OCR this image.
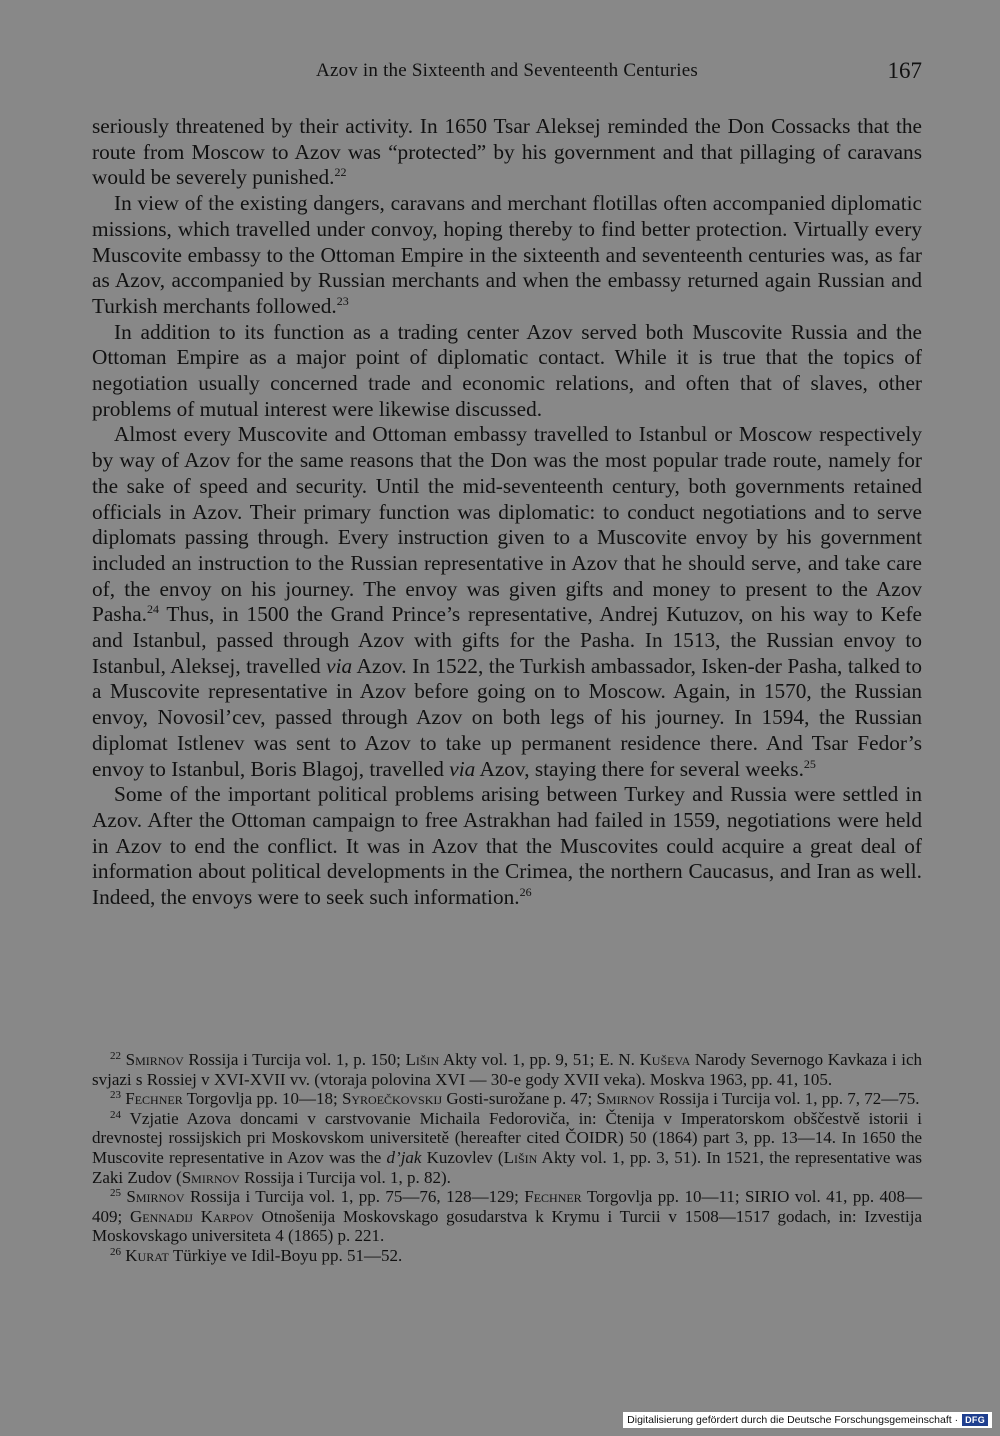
Azov in the Sixteenth and Seventeenth Centuries	167

seriously threatened by their activity. In 1650 Tsar Aleksej reminded the Don Cossacks that the route from Moscow to Azov was “protected” by his government and that pillaging of caravans would be severely punished.$^{22}$

In view of the existing dangers, caravans and merchant flotillas often accompanied diplomatic missions, which travelled under convoy, hoping thereby to find better protection. Virtually every Muscovite embassy to the Ottoman Empire in the sixteenth and seventeenth centuries was, as far as Azov, accompanied by Russian merchants and when the embassy returned again Russian and Turkish merchants followed.$^{23}$

In addition to its function as a trading center Azov served both Muscovite Russia and the Ottoman Empire as a major point of diplomatic contact. While it is true that the topics of negotiation usually concerned trade and economic relations, and often that of slaves, other problems of mutual interest were likewise discussed.

Almost every Muscovite and Ottoman embassy travelled to Istanbul or Moscow respectively by way of Azov for the same reasons that the Don was the most popular trade route, namely for the sake of speed and security. Until the mid-seventeenth century, both governments retained officials in Azov. Their primary function was diplomatic: to conduct negotiations and to serve diplomats passing through. Every instruction given to a Muscovite envoy by his government included an instruction to the Russian representative in Azov that he should serve, and take care of, the envoy on his journey. The envoy was given gifts and money to present to the Azov Pasha.$^{24}$ Thus, in 1500 the Grand Prince’s representative, Andrej Kutuzov, on his way to Kefe and Istanbul, passed through Azov with gifts for the Pasha. In 1513, the Russian envoy to Istanbul, Aleksej, travelled via Azov. In 1522, the Turkish ambassador, Isken-der Pasha, talked to a Muscovite representative in Azov before going on to Moscow. Again, in 1570, the Russian envoy, Novosil’cev, passed through Azov on both legs of his journey. In 1594, the Russian diplomat Istlenev was sent to Azov to take up permanent residence there. And Tsar Fedor’s envoy to Istanbul, Boris Blagoj, travelled via Azov, staying there for several weeks.$^{25}$

Some of the important political problems arising between Turkey and Russia were settled in Azov. After the Ottoman campaign to free Astrakhan had failed in 1559, negotiations were held in Azov to end the conflict. It was in Azov that the Muscovites could acquire a great deal of information about political developments in the Crimea, the northern Caucasus, and Iran as well. Indeed, the envoys were to seek such information.$^{26}$

$^{22}$ Smirnov Rossija i Turcija vol. 1, p. 150; Lišin Akty vol. 1, pp. 9, 51; E. N. Kuševa Narody Severnogo Kavkaza i ich svjazi s Rossiej v XVI-XVII vv. (vtoraja polovina XVI — 30-e gody XVII veka). Moskva 1963, pp. 41, 105.

$^{23}$ Fechner Torgovlja pp. 10—18; Syroečkovskij Gosti-surožane p. 47; Smirnov Rossija i Turcija vol. 1, pp. 7, 72—75.

$^{24}$ Vzjatie Azova doncami v carstvovanie Michaila Fedoroviča, in: Čtenija v Imperatorskom obščestvě istorii i drevnostej rossijskich pri Moskovskom universitetě (hereafter cited ČOIDR) 50 (1864) part 3, pp. 13—14. In 1650 the Muscovite representative in Azov was the d’jak Kuzovlev (Lišin Akty vol. 1, pp. 3, 51). In 1521, the representative was Zaki Zudov (Smirnov Rossija i Turcija vol. 1, p. 82).

$^{25}$ Smirnov Rossija i Turcija vol. 1, pp. 75—76, 128—129; Fechner Torgovlja pp. 10—11; SIRIO vol. 41, pp. 408—409; Gennadij Karpov Otnošenija Moskovskago gosudarstva k Krymu i Turcii v 1508—1517 godach, in: Izvestija Moskovskago universiteta 4 (1865) p. 221.

$^{26}$ Kurat Türkiye ve Idil-Boyu pp. 51—52.

Digitalisierung gefördert durch die Deutsche Forschungsgemeinschaft · DFG
